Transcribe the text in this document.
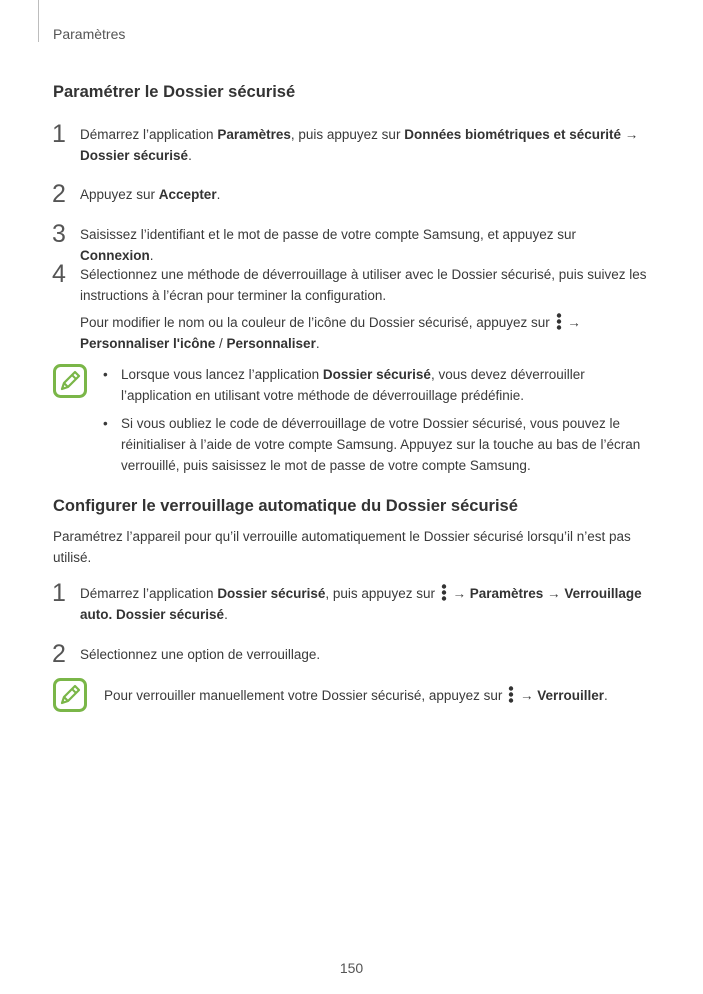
Paramètres
Paramétrer le Dossier sécurisé
1 Démarrez l’application Paramètres, puis appuyez sur Données biométriques et sécurité → Dossier sécurisé.
2 Appuyez sur Accepter.
3 Saisissez l’identifiant et le mot de passe de votre compte Samsung, et appuyez sur Connexion.
4 Sélectionnez une méthode de déverrouillage à utiliser avec le Dossier sécurisé, puis suivez les instructions à l’écran pour terminer la configuration.
Pour modifier le nom ou la couleur de l’icône du Dossier sécurisé, appuyez sur  → Personnaliser l'icône / Personnaliser.
• Lorsque vous lancez l’application Dossier sécurisé, vous devez déverrouiller l’application en utilisant votre méthode de déverrouillage prédéfinie.
• Si vous oubliez le code de déverrouillage de votre Dossier sécurisé, vous pouvez le réinitialiser à l’aide de votre compte Samsung. Appuyez sur la touche au bas de l’écran verrouillé, puis saisissez le mot de passe de votre compte Samsung.
Configurer le verrouillage automatique du Dossier sécurisé

Paramétrez l’appareil pour qu’il verrouille automatiquement le Dossier sécurisé lorsqu’il n’est pas utilisé.

1 Démarrez l’application Dossier sécurisé, puis appuyez sur  → Paramètres → Verrouillage auto. Dossier sécurisé.
2 Sélectionnez une option de verrouillage.
Pour verrouiller manuellement votre Dossier sécurisé, appuyez sur  → Verrouiller.
150
